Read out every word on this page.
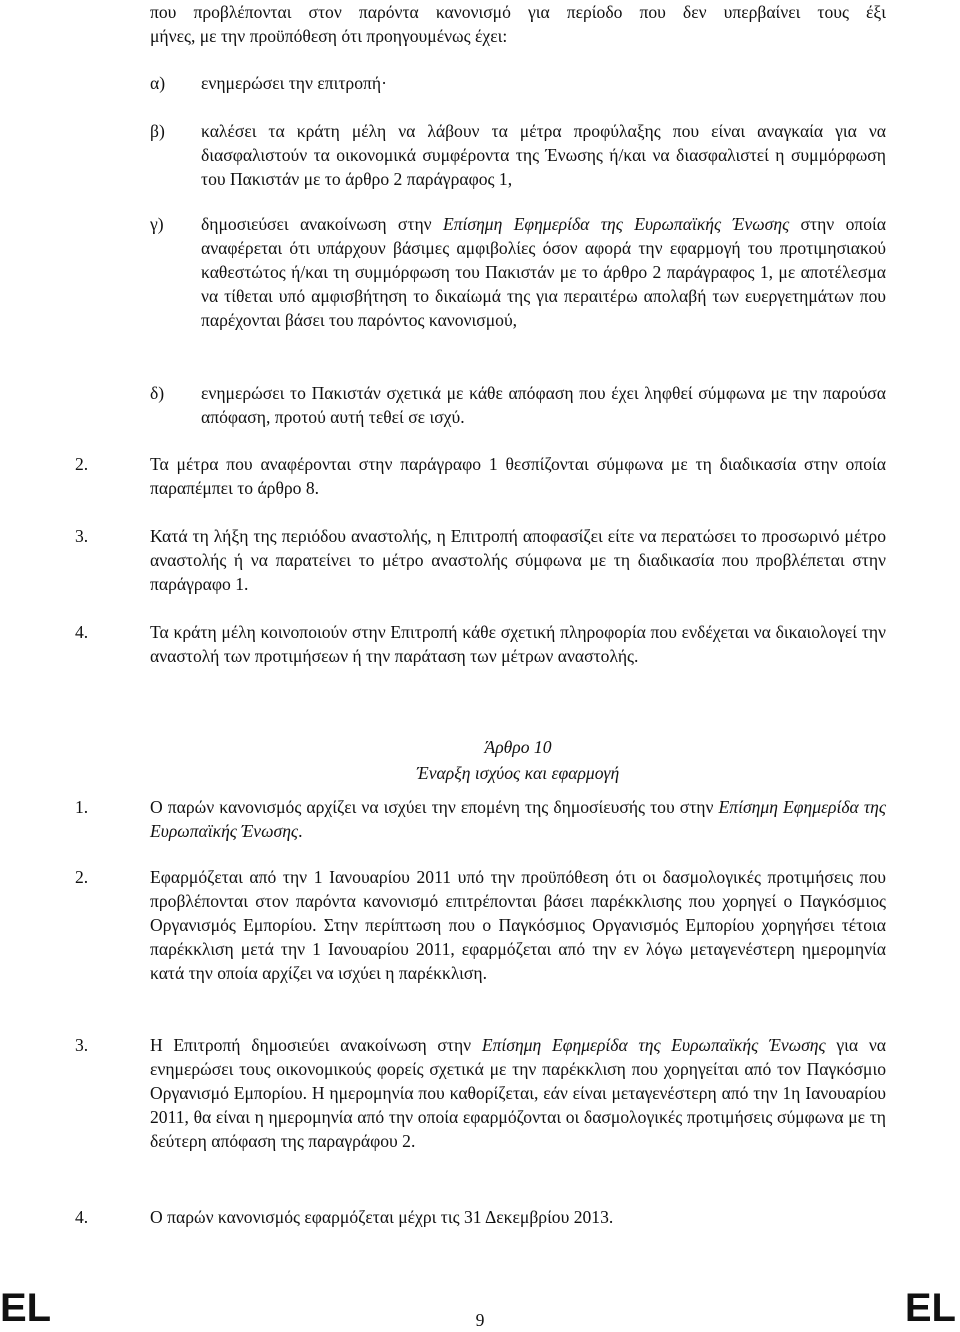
που προβλέπονται στον παρόντα κανονισμό για περίοδο που δεν υπερβαίνει τους έξι
μήνες, με την προϋπόθεση ότι προηγουμένως έχει:
α) ενημερώσει την επιτροπή·
β) καλέσει τα κράτη μέλη να λάβουν τα μέτρα προφύλαξης που είναι αναγκαία για να διασφαλιστούν τα οικονομικά συμφέροντα της Ένωσης ή/και να διασφαλιστεί η συμμόρφωση του Πακιστάν με το άρθρο 2 παράγραφος 1,
γ) δημοσιεύσει ανακοίνωση στην Επίσημη Εφημερίδα της Ευρωπαϊκής Ένωσης στην οποία αναφέρεται ότι υπάρχουν βάσιμες αμφιβολίες όσον αφορά την εφαρμογή του προτιμησιακού καθεστώτος ή/και τη συμμόρφωση του Πακιστάν με το άρθρο 2 παράγραφος 1, με αποτέλεσμα να τίθεται υπό αμφισβήτηση το δικαίωμά της για περαιτέρω απολαβή των ευεργετημάτων που παρέχονται βάσει του παρόντος κανονισμού,
δ) ενημερώσει το Πακιστάν σχετικά με κάθε απόφαση που έχει ληφθεί σύμφωνα με την παρούσα απόφαση, προτού αυτή τεθεί σε ισχύ.
2.	Τα μέτρα που αναφέρονται στην παράγραφο 1 θεσπίζονται σύμφωνα με τη διαδικασία στην οποία παραπέμπει το άρθρο 8.
3.	Κατά τη λήξη της περιόδου αναστολής, η Επιτροπή αποφασίζει είτε να περατώσει το προσωρινό μέτρο αναστολής ή να παρατείνει το μέτρο αναστολής σύμφωνα με τη διαδικασία που προβλέπεται στην παράγραφο 1.
4.	Τα κράτη μέλη κοινοποιούν στην Επιτροπή κάθε σχετική πληροφορία που ενδέχεται να δικαιολογεί την αναστολή των προτιμήσεων ή την παράταση των μέτρων αναστολής.
Άρθρο 10
Έναρξη ισχύος και εφαρμογή
1.	Ο παρών κανονισμός αρχίζει να ισχύει την επομένη της δημοσίευσής του στην Επίσημη Εφημερίδα της Ευρωπαϊκής Ένωσης.
2.	Εφαρμόζεται από την 1 Ιανουαρίου 2011 υπό την προϋπόθεση ότι οι δασμολογικές προτιμήσεις που προβλέπονται στον παρόντα κανονισμό επιτρέπονται βάσει παρέκκλισης που χορηγεί ο Παγκόσμιος Οργανισμός Εμπορίου. Στην περίπτωση που ο Παγκόσμιος Οργανισμός Εμπορίου χορηγήσει τέτοια παρέκκλιση μετά την 1 Ιανουαρίου 2011, εφαρμόζεται από την εν λόγω μεταγενέστερη ημερομηνία κατά την οποία αρχίζει να ισχύει η παρέκκλιση.
3.	Η Επιτροπή δημοσιεύει ανακοίνωση στην Επίσημη Εφημερίδα της Ευρωπαϊκής Ένωσης για να ενημερώσει τους οικονομικούς φορείς σχετικά με την παρέκκλιση που χορηγείται από τον Παγκόσμιο Οργανισμό Εμπορίου. Η ημερομηνία που καθορίζεται, εάν είναι μεταγενέστερη από την 1η Ιανουαρίου 2011, θα είναι η ημερομηνία από την οποία εφαρμόζονται οι δασμολογικές προτιμήσεις σύμφωνα με τη δεύτερη απόφαση της παραγράφου 2.
4.	Ο παρών κανονισμός εφαρμόζεται μέχρι τις 31 Δεκεμβρίου 2013.
EL	9	EL
